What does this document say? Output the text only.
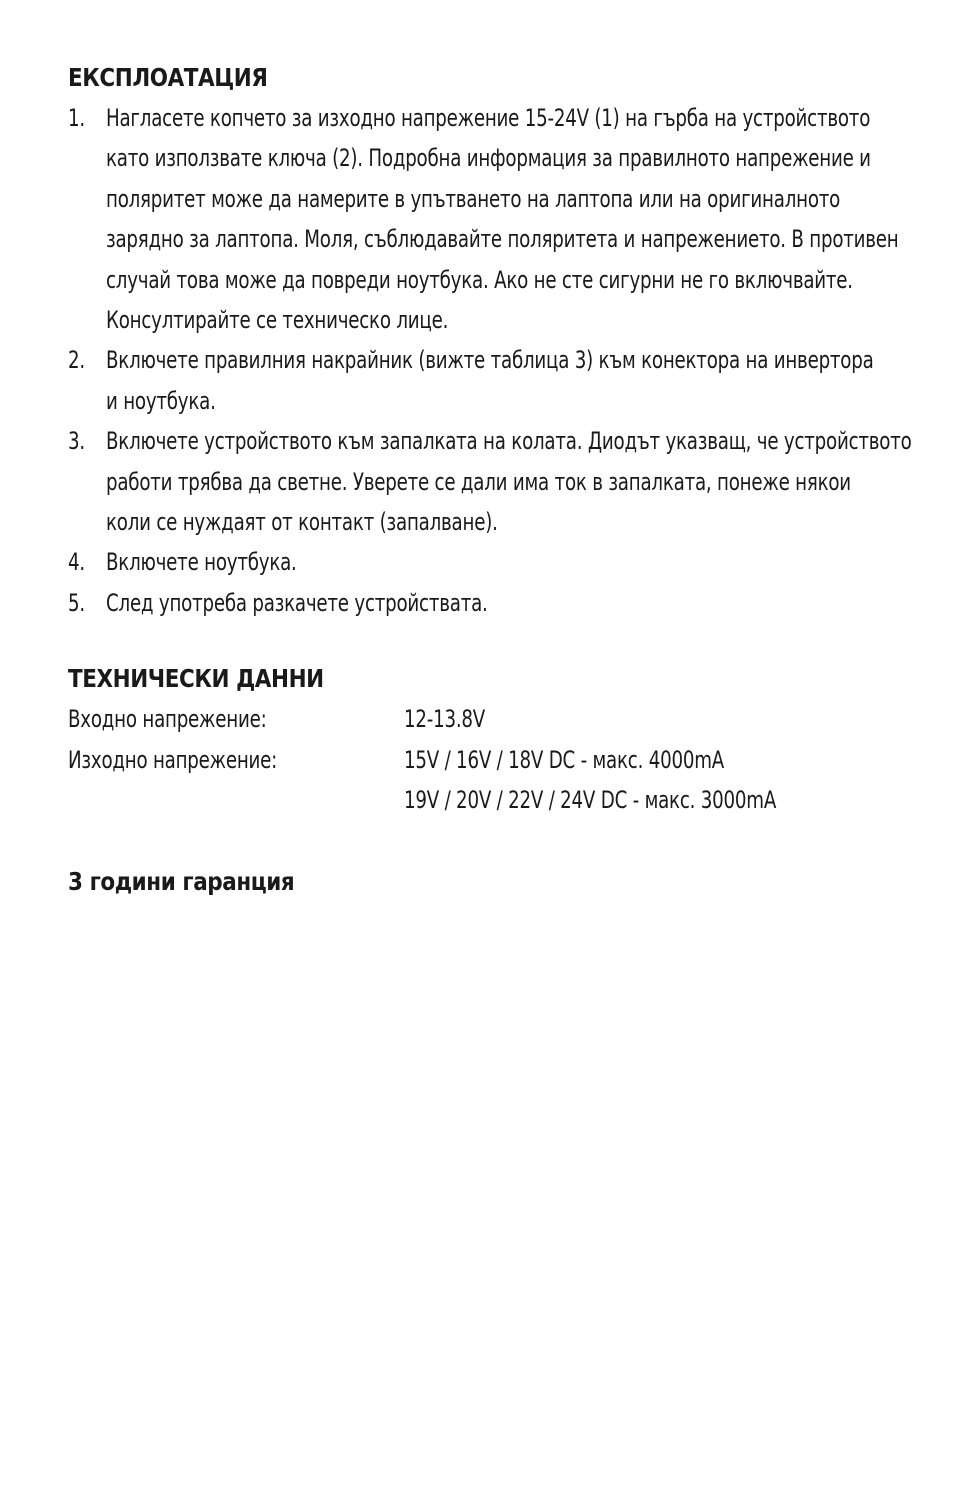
ЕКСПЛОАТАЦИЯ
1. Нагласете копчето за изходно напрежение 15-24V (1) на гърба на устройството
като използвате ключа (2). Подробна информация за правилното напрежение и
поляритет може да намерите в упътването на лаптопа или на оригиналното
зарядно за лаптопа. Моля, съблюдавайте поляритета и напрежението. В противен
случай това може да повреди ноутбука. Ако не сте сигурни не го включвайте.
Консултирайте се техническо лице.
2. Включете правилния накрайник (вижте таблица 3) към конектора на инвертора
и ноутбука.
3. Включете устройството към запалката на колата. Диодът указващ, че устройството
работи трябва да светне. Уверете се дали има ток в запалката, понеже някои
коли се нуждаят от контакт (запалване).
4. Включете ноутбука.
5. След употреба разкачете устройствата.
ТЕХНИЧЕСКИ ДАННИ
Входно напрежение:	12-13.8V
Изходно напрежение:	15V / 16V / 18V DC - макс. 4000mA
19V / 20V / 22V / 24V DC - макс. 3000mA
3 години гаранция
